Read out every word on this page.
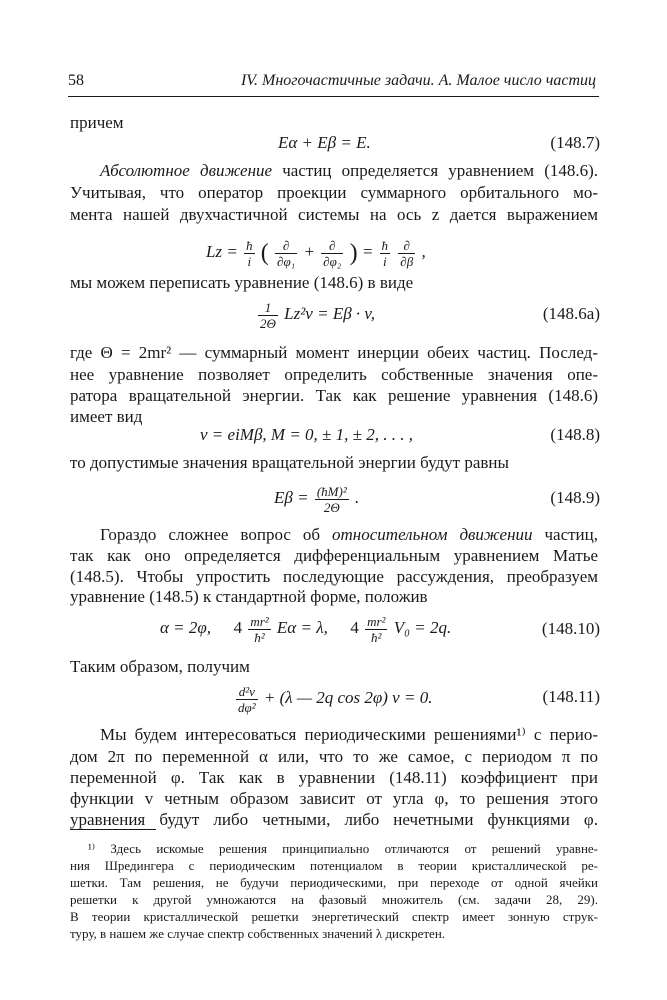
58	IV. Многочастичные задачи. А. Малое число частиц
причем
Eα + Eβ = E.	(148.7)
Абсолютное движение частиц определяется уравнением (148.6).
Учитывая, что оператор проекции суммарного орбитального мо-
мента нашей двухчастичной системы на ось z дается выражением
$Lz = \frac{ħ}{i}$ ( $\frac{\partial}{\text{∂φ₁}} + \frac{\partial}{\text{∂φ₂}}$ ) = $\frac{ħ}{i}$
$\frac{\partial}{\partial\beta}$ ,
мы можем переписать уравнение (148.6) в виде
$\frac{1}{2\Theta} Lz^2v = E\beta \cdot v$,	(148.6a)
где Θ = 2mr² — суммарный момент инерции обеих частиц. Послед-
нее уравнение позволяет определить собственные значения опе-
ратора вращательной энергии. Так как решение уравнения (148.6)
имеет вид
v = eiMβ, M = 0, ± 1, ± 2, . . . ,	(148.8)
то допустимые значения вращательной энергии будут равны
$E\beta = \frac{\text{(ħM)²}}{2\Theta}$ .	(148.9)
Гораздо сложнее вопрос об относительном движении частиц,
так как оно определяется дифференциальным уравнением Матье
(148.5). Чтобы упростить последующие рассуждения, преобразуем
уравнение (148.5) к стандартной форме, положив
α = 2φ, $4 \frac{\text{mr²}}{\text{ħ²}}$ Eα = λ, $4 \frac{\text{mr²}}{\text{ħ²}} V_0 = 2q$.	(148.10)
Таким образом, получим
$\frac{\text{d²v}}{\text{dφ²}} + (\lambda$ — 2q cos 2φ) v = 0.	(148.11)
Мы будем интересоваться периодическими решениями¹⁾ с перио-
дом 2π по переменной α или, что то же самое, с периодом π по
переменной φ. Так как в уравнении (148.11) коэффициент при
функции v четным образом зависит от угла φ, то решения этого
уравнения будут либо четными, либо нечетными функциями φ.
¹⁾ Здесь искомые решения принципиально отличаются от решений уравне-
ния Шредингера с периодическим потенциалом в теории кристаллической ре-
шетки. Там решения, не будучи периодическими, при переходе от одной ячейки
решетки к другой умножаются на фазовый множитель (см. задачи 28, 29).
В теории кристаллической решетки энергетический спектр имеет зонную струк-
туру, в нашем же случае спектр собственных значений λ дискретен.
